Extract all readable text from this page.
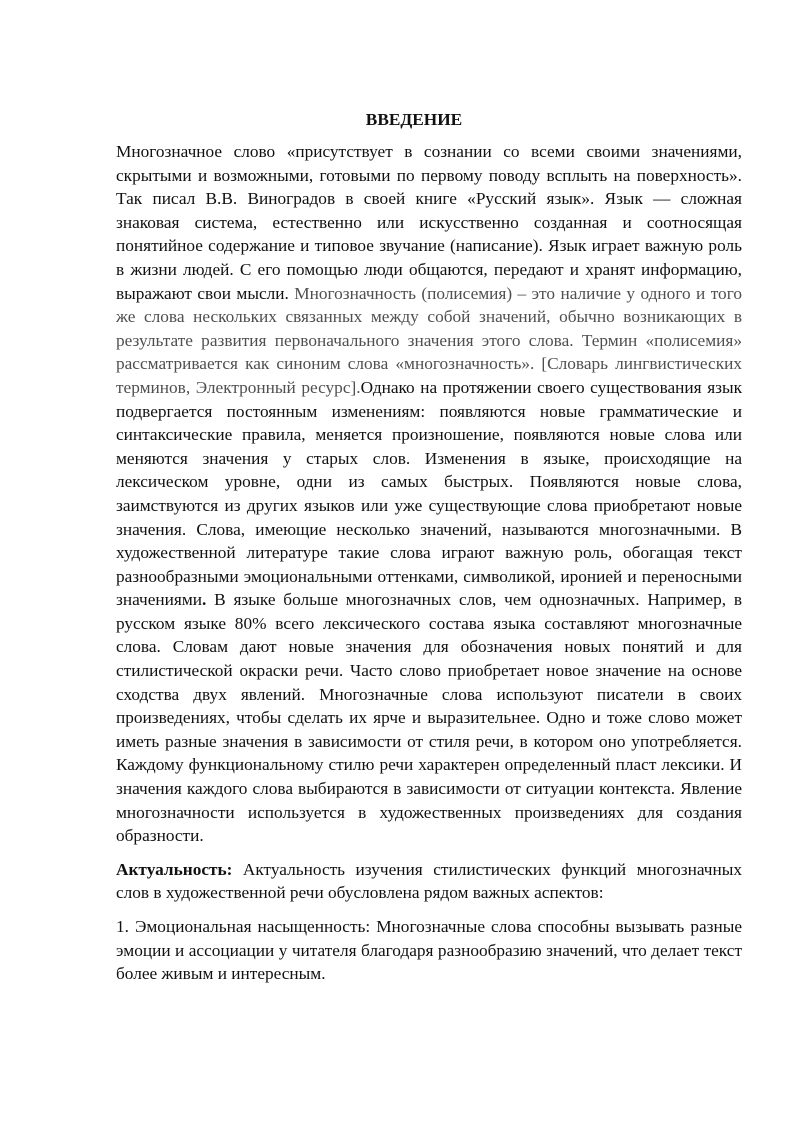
ВВЕДЕНИЕ

Многозначное слово «присутствует в сознании со всеми своими значениями, скрытыми и возможными, готовыми по первому поводу всплыть на поверхность». Так писал В.В. Виноградов в своей книге «Русский язык». Язык — сложная знаковая система, естественно или искусственно созданная и соотносящая понятийное содержание и типовое звучание (написание). Язык играет важную роль в жизни людей. С его помощью люди общаются, передают и хранят информацию, выражают свои мысли. Многозначность (полисемия) – это наличие у одного и того же слова нескольких связанных между собой значений, обычно возникающих в результате развития первоначального значения этого слова. Термин «полисемия» рассматривается как синоним слова «многозначность». [Словарь лингвистических терминов, Электронный ресурс].Однако на протяжении своего существования язык подвергается постоянным изменениям: появляются новые грамматические и синтаксические правила, меняется произношение, появляются новые слова или меняются значения у старых слов. Изменения в языке, происходящие на лексическом уровне, одни из самых быстрых. Появляются новые слова, заимствуются из других языков или уже существующие слова приобретают новые значения. Слова, имеющие несколько значений, называются многозначными. В художественной литературе такие слова играют важную роль, обогащая текст разнообразными эмоциональными оттенками, символикой, иронией и переносными значениями. В языке больше многозначных слов, чем однозначных. Например, в русском языке 80% всего лексического состава языка составляют многозначные слова. Словам дают новые значения для обозначения новых понятий и для стилистической окраски речи. Часто слово приобретает новое значение на основе сходства двух явлений. Многозначные слова используют писатели в своих произведениях, чтобы сделать их ярче и выразительнее. Одно и тоже слово может иметь разные значения в зависимости от стиля речи, в котором оно употребляется. Каждому функциональному стилю речи характерен определенный пласт лексики. И значения каждого слова выбираются в зависимости от ситуации контекста. Явление многозначности используется в художественных произведениях для создания образности.

Актуальность: Актуальность изучения стилистических функций многозначных слов в художественной речи обусловлена рядом важных аспектов:

1. Эмоциональная насыщенность: Многозначные слова способны вызывать разные эмоции и ассоциации у читателя благодаря разнообразию значений, что делает текст более живым и интересным.
